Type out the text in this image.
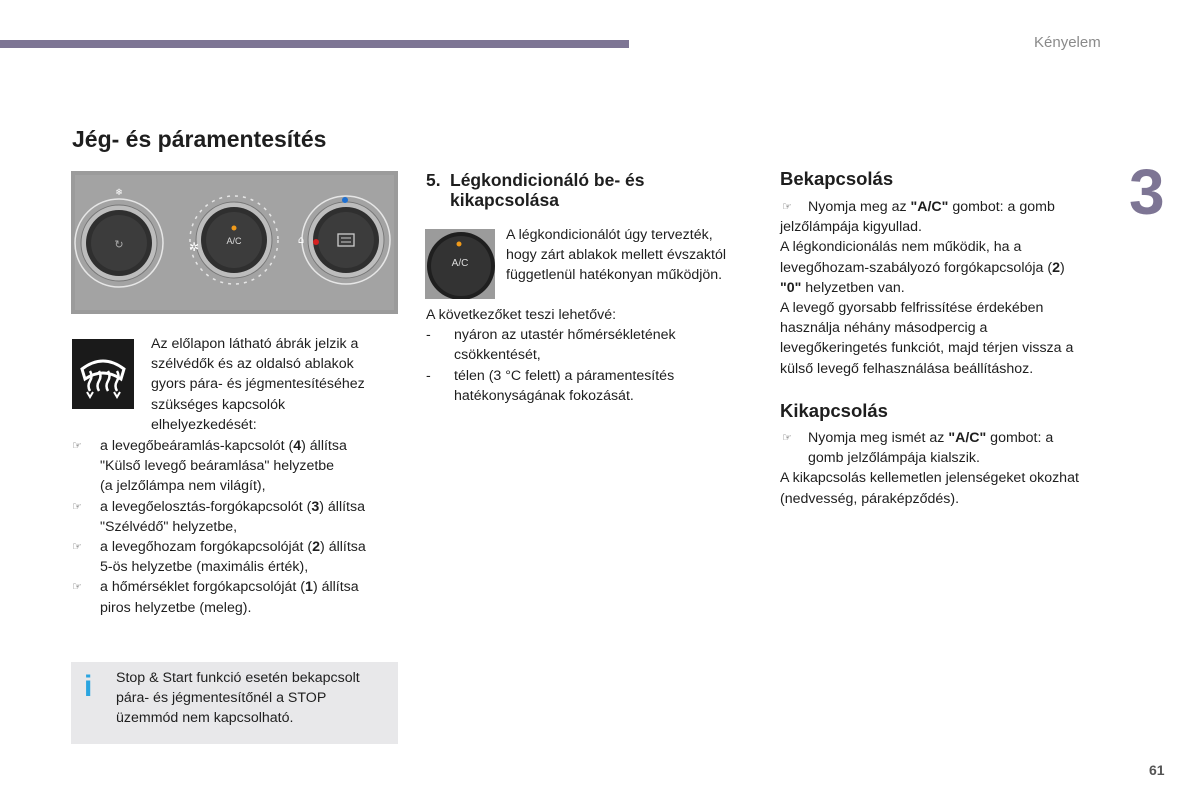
Kényelem
3
61
Jég- és páramentesítés
↻
❄
A/C
✲	⌂
Az előlapon látható ábrák jelzik a
szélvédők és az oldalsó ablakok
gyors pára- és jégmentesítéséhez
szükséges kapcsolók
elhelyezkedését:
☞	a levegőbeáramlás-kapcsolót (4) állítsa
"Külső levegő beáramlása" helyzetbe
(a jelzőlámpa nem világít),
☞	a levegőelosztás-forgókapcsolót (3) állítsa
"Szélvédő" helyzetbe,
☞	a levegőhozam forgókapcsolóját (2) állítsa
5-ös helyzetbe (maximális érték),
☞	a hőmérséklet forgókapcsolóját (1) állítsa
piros helyzetbe (meleg).
i Stop & Start funkció esetén bekapcsolt
pára- és jégmentesítőnél a STOP
üzemmód nem kapcsolható.
5. Légkondicionáló be- és
kikapcsolása
A/C
A légkondicionálót úgy tervezték,
hogy zárt ablakok mellett évszaktól
függetlenül hatékonyan működjön.
A következőket teszi lehetővé:
- nyáron az utastér hőmérsékletének
csökkentését,
- télen (3 °C felett) a páramentesítés
hatékonyságának fokozását.
Bekapcsolás
☞ Nyomja meg az "A/C" gombot: a gomb
jelzőlámpája kigyullad.
A légkondicionálás nem működik, ha a
levegőhozam-szabályozó forgókapcsolója (2)
"0" helyzetben van.
A levegő gyorsabb felfrissítése érdekében
használja néhány másodpercig a
levegőkeringetés funkciót, majd térjen vissza a
külső levegő felhasználása beállításhoz.
Kikapcsolás
☞ Nyomja meg ismét az "A/C" gombot: a
gomb jelzőlámpája kialszik.
A kikapcsolás kellemetlen jelenségeket okozhat
(nedvesség, páraképződés).
